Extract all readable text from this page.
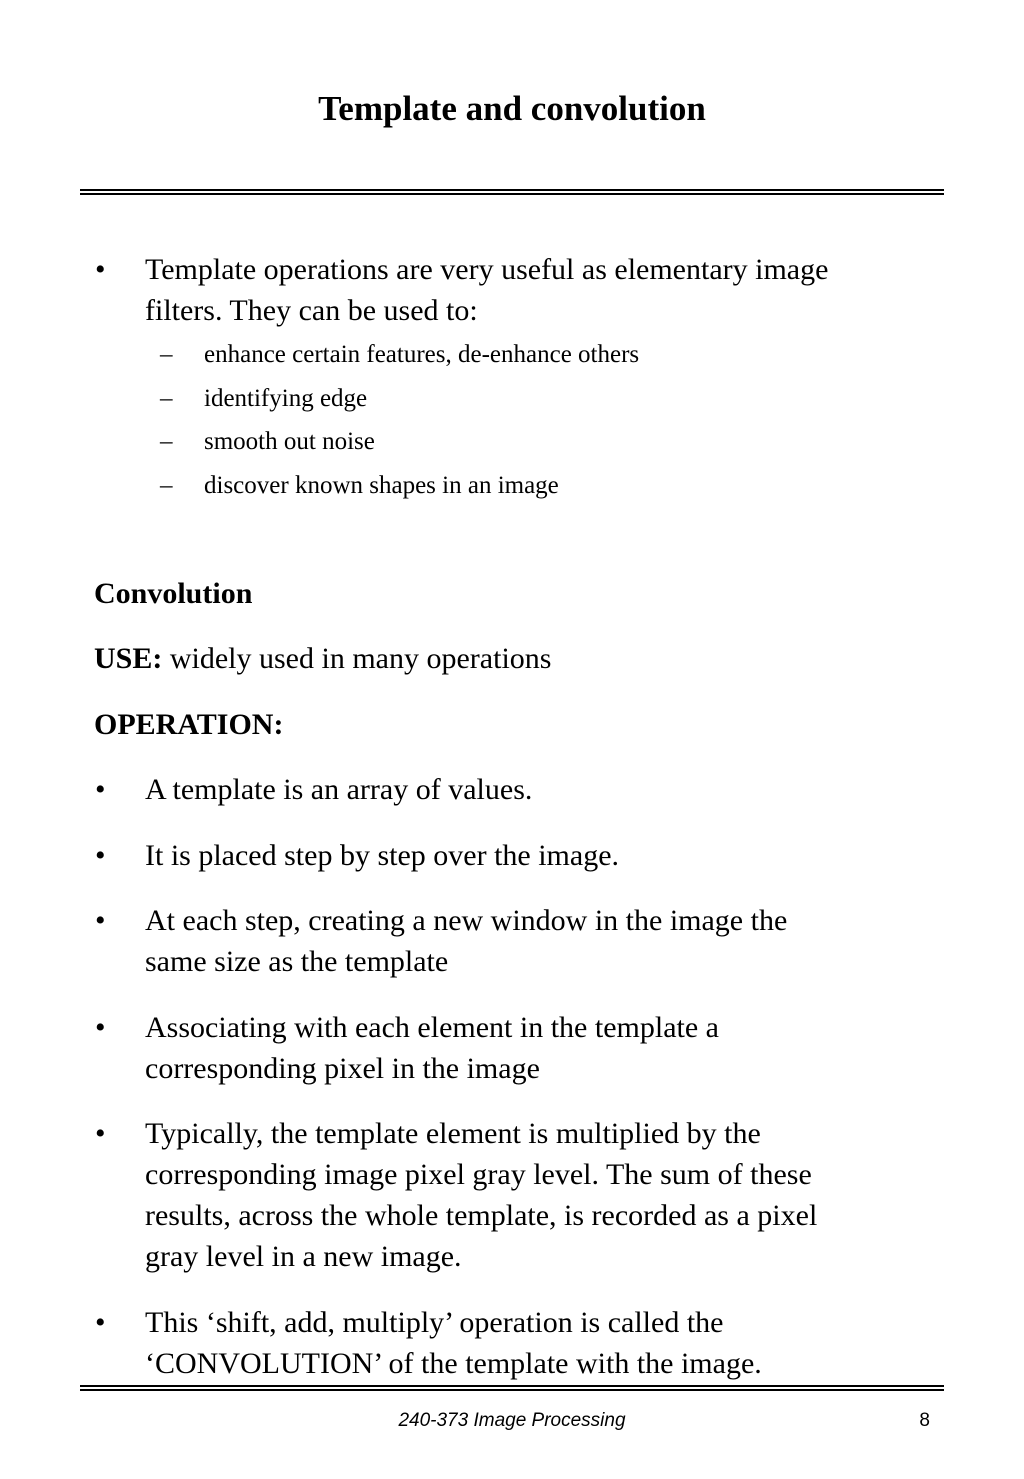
Template and convolution
• Template operations are very useful as elementary image
filters. They can be used to:
– enhance certain features, de-enhance others
– identifying edge
– smooth out noise
– discover known shapes in an image
Convolution
USE: widely used in many operations
OPERATION:
• A template is an array of values.
• It is placed step by step over the image.
• At each step, creating a new window in the image the
same size as the template
• Associating with each element in the template a
corresponding pixel in the image
• Typically, the template element is multiplied by the
corresponding image pixel gray level. The sum of these
results, across the whole template, is recorded as a pixel
gray level in a new image.
• This ‘shift, add, multiply’ operation is called the
‘CONVOLUTION’ of the template with the image.
240-373 Image Processing	8
